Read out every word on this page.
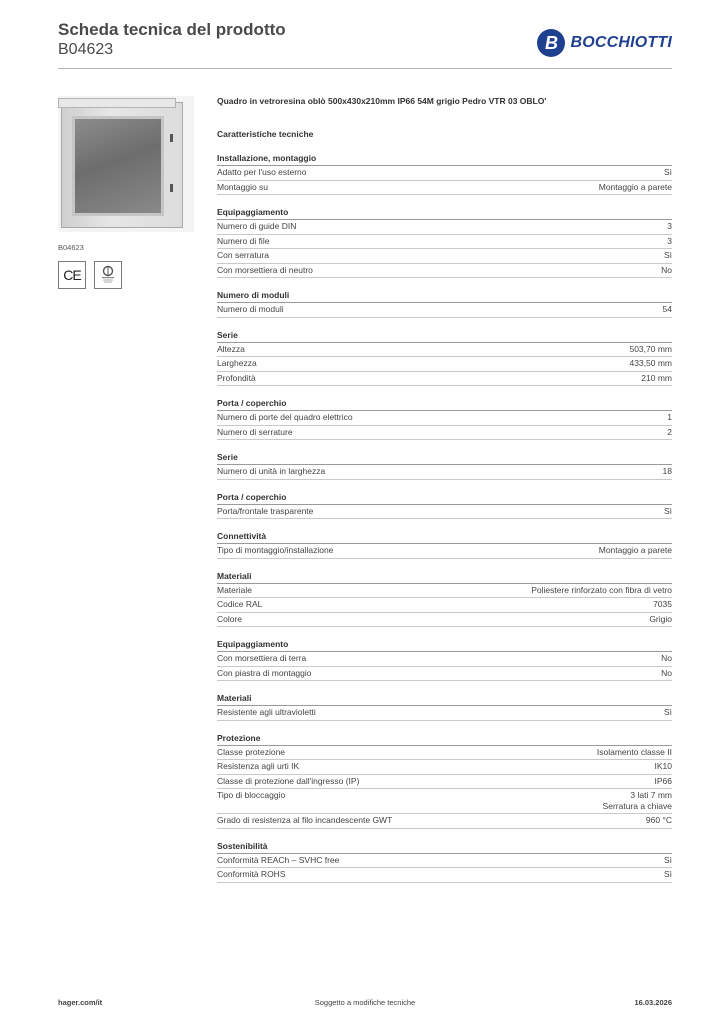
Scheda tecnica del prodotto
B04623	B BOCCHIOTTI
B04623
CE
Quadro in vetroresina oblò 500x430x210mm IP66 54M grigio Pedro VTR 03 OBLO'
Caratteristiche tecniche
Installazione, montaggio
Adatto per l'uso esterno	Sì
Montaggio su	Montaggio a parete
Equipaggiamento
Numero di guide DIN	3
Numero di file	3
Con serratura	Sì
Con morsettiera di neutro	No
Numero di moduli
Numero di moduli	54
Serie
Altezza	503,70 mm
Larghezza	433,50 mm
Profondità	210 mm
Porta / coperchio
Numero di porte del quadro elettrico	1
Numero di serrature	2
Serie
Numero di unità in larghezza	18
Porta / coperchio
Porta/frontale trasparente	Sì
Connettività
Tipo di montaggio/installazione	Montaggio a parete
Materiali
Materiale	Poliestere rinforzato con fibra di vetro
Codice RAL	7035
Colore	Grigio
Equipaggiamento
Con morsettiera di terra	No
Con piastra di montaggio	No
Materiali
Resistente agli ultravioletti	Sì
Protezione
Classe protezione	Isolamento classe II
Resistenza agli urti IK	IK10
Classe di protezione dall'ingresso (IP)	IP66
Tipo di bloccaggio	3 lati 7 mm
Serratura a chiave
Grado di resistenza al filo incandescente GWT	960 °C
Sostenibilità
Conformità REACh – SVHC free	Sì
Conformità ROHS	Sì
Soggetto a modifiche tecniche
hager.com/it	16.03.2026
